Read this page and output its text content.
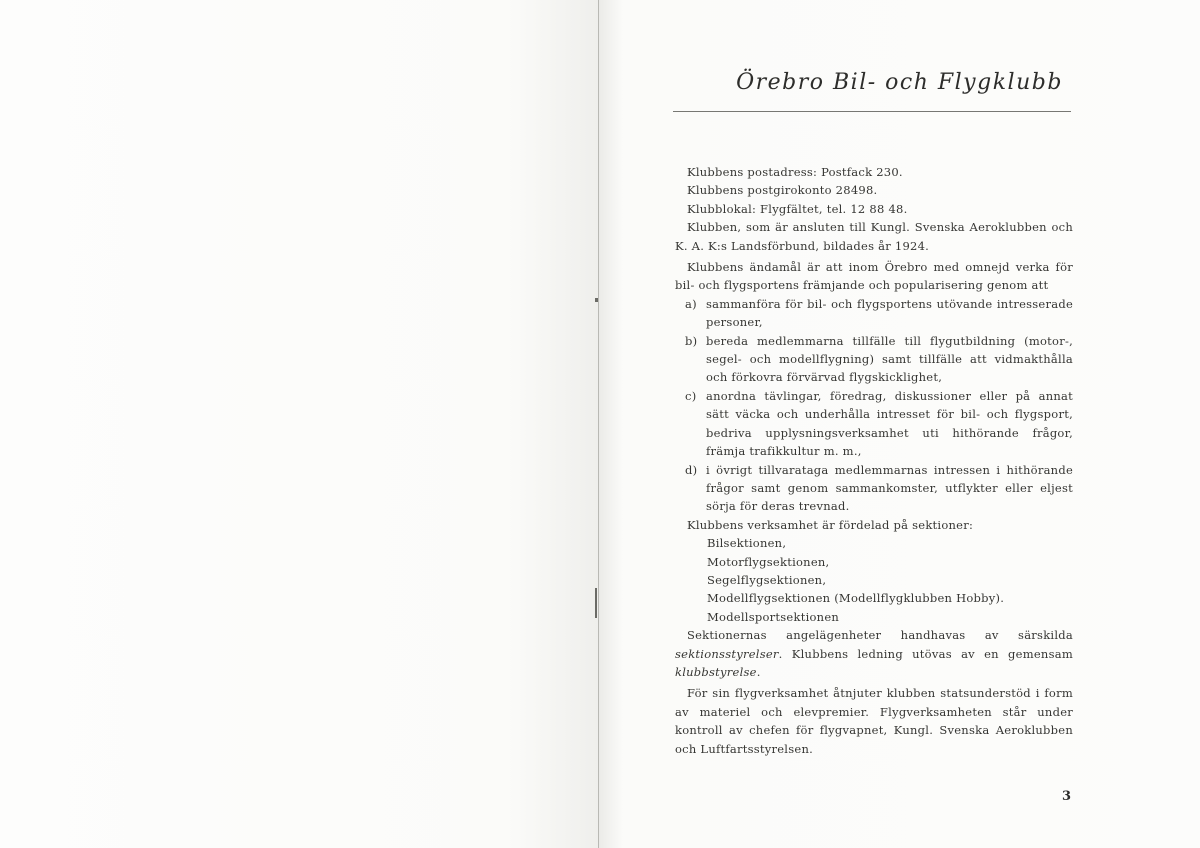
Örebro Bil- och Flygklubb

Klubbens postadress: Postfack 230.

Klubbens postgirokonto 28498.

Klubblokal: Flygfältet, tel. 12 88 48.

Klubben, som är ansluten till Kungl. Svenska Aeroklubben och K. A. K:s Landsförbund, bildades år 1924.

Klubbens ändamål är att inom Örebro med omnejd verka för bil- och flygsportens främjande och popularisering genom att

a) sammanföra för bil- och flygsportens utövande intresserade personer,

b) bereda medlemmarna tillfälle till flygutbildning (motor-, segel- och modellflygning) samt tillfälle att vidmakthålla och förkovra förvärvad flygskicklighet,

c) anordna tävlingar, föredrag, diskussioner eller på annat sätt väcka och underhålla intresset för bil- och flygsport, bedriva upplysningsverksamhet uti hithörande frågor, främja trafikkultur m. m.,

d) i övrigt tillvarataga medlemmarnas intressen i hithörande frågor samt genom sammankomster, utflykter eller eljest sörja för deras trevnad.

Klubbens verksamhet är fördelad på sektioner:

Bilsektionen,

Motorflygsektionen,

Segelflygsektionen,

Modellflygsektionen (Modellflygklubben Hobby).

Modellsportsektionen

Sektionernas angelägenheter handhavas av särskilda sektionsstyrelser. Klubbens ledning utövas av en gemensam klubbstyrelse.

För sin flygverksamhet åtnjuter klubben statsunderstöd i form av materiel och elevpremier. Flygverksamheten står under kontroll av chefen för flygvapnet, Kungl. Svenska Aeroklubben och Luftfartsstyrelsen.

3
